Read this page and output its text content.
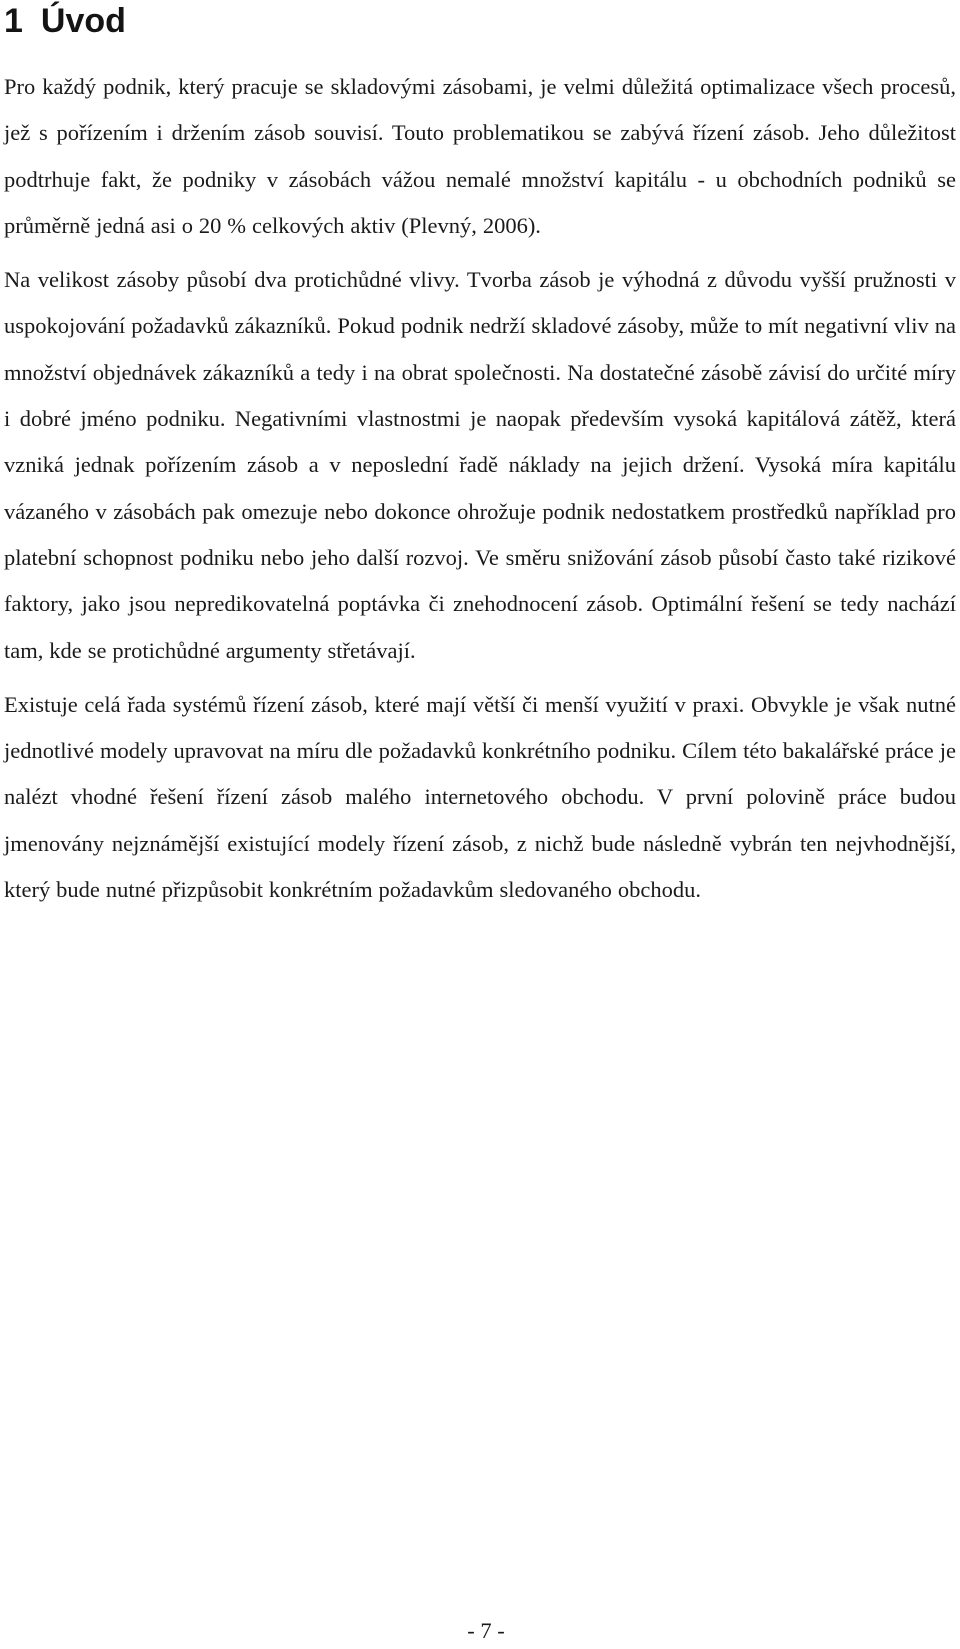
1 Úvod

Pro každý podnik, který pracuje se skladovými zásobami, je velmi důležitá optimalizace všech procesů, jež s pořízením i držením zásob souvisí. Touto problematikou se zabývá řízení zásob. Jeho důležitost podtrhuje fakt, že podniky v zásobách vážou nemalé množství kapitálu - u obchodních podniků se průměrně jedná asi o 20 % celkových aktiv (Plevný, 2006).

Na velikost zásoby působí dva protichůdné vlivy. Tvorba zásob je výhodná z důvodu vyšší pružnosti v uspokojování požadavků zákazníků. Pokud podnik nedrží skladové zásoby, může to mít negativní vliv na množství objednávek zákazníků a tedy i na obrat společnosti. Na dostatečné zásobě závisí do určité míry i dobré jméno podniku. Negativními vlastnostmi je naopak především vysoká kapitálová zátěž, která vzniká jednak pořízením zásob a v neposlední řadě náklady na jejich držení. Vysoká míra kapitálu vázaného v zásobách pak omezuje nebo dokonce ohrožuje podnik nedostatkem prostředků například pro platební schopnost podniku nebo jeho další rozvoj. Ve směru snižování zásob působí často také rizikové faktory, jako jsou nepredikovatelná poptávka či znehodnocení zásob. Optimální řešení se tedy nachází tam, kde se protichůdné argumenty střetávají.

Existuje celá řada systémů řízení zásob, které mají větší či menší využití v praxi. Obvykle je však nutné jednotlivé modely upravovat na míru dle požadavků konkrétního podniku. Cílem této bakalářské práce je nalézt vhodné řešení řízení zásob malého internetového obchodu. V první polovině práce budou jmenovány nejznámější existující modely řízení zásob, z nichž bude následně vybrán ten nejvhodnější, který bude nutné přizpůsobit konkrétním požadavkům sledovaného obchodu.

- 7 -
